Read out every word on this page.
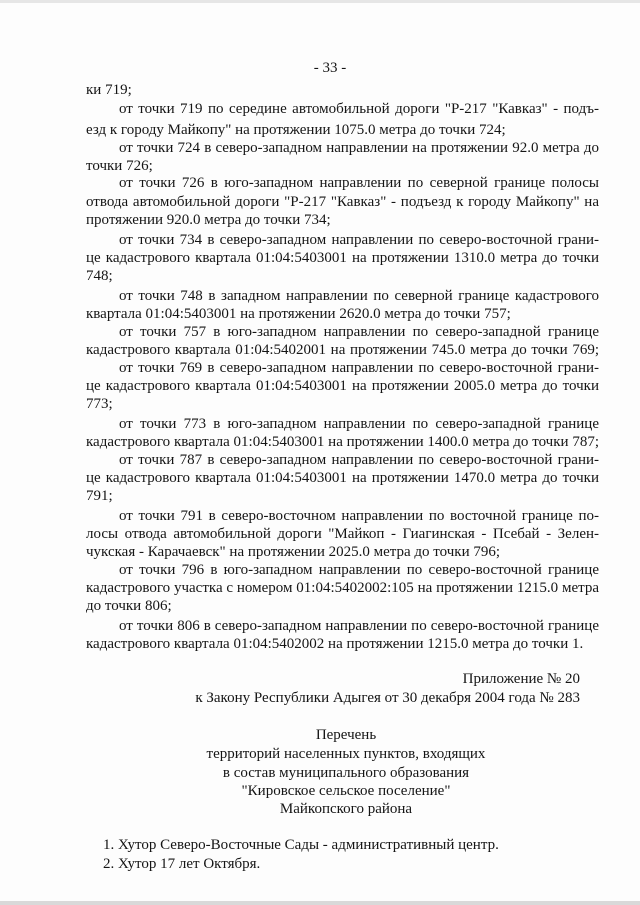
- 33 -
ки 719;
от точки 719 по середине автомобильной дороги "Р-217 "Кавказ" - подъ-
езд к городу Майкопу" на протяжении 1075.0 метра до точки 724;
от точки 724 в северо-западном направлении на протяжении 92.0 метра до
точки 726;
от точки 726 в юго-западном направлении по северной границе полосы
отвода автомобильной дороги "Р-217 "Кавказ" - подъезд к городу Майкопу" на
протяжении 920.0 метра до точки 734;
от точки 734 в северо-западном направлении по северо-восточной грани-
це кадастрового квартала 01:04:5403001 на протяжении 1310.0 метра до точки
748;
от точки 748 в западном направлении по северной границе кадастрового
квартала 01:04:5403001 на протяжении 2620.0 метра до точки 757;
от точки 757 в юго-западном направлении по северо-западной границе
кадастрового квартала 01:04:5402001 на протяжении 745.0 метра до точки 769;
от точки 769 в северо-западном направлении по северо-восточной грани-
це кадастрового квартала 01:04:5403001 на протяжении 2005.0 метра до точки
773;
от точки 773 в юго-западном направлении по северо-западной границе
кадастрового квартала 01:04:5403001 на протяжении 1400.0 метра до точки 787;
от точки 787 в северо-западном направлении по северо-восточной грани-
це кадастрового квартала 01:04:5403001 на протяжении 1470.0 метра до точки
791;
от точки 791 в северо-восточном направлении по восточной границе по-
лосы отвода автомобильной дороги "Майкоп - Гиагинская - Псебай - Зелен-
чукская - Карачаевск" на протяжении 2025.0 метра до точки 796;
от точки 796 в юго-западном направлении по северо-восточной границе
кадастрового участка с номером 01:04:5402002:105 на протяжении 1215.0 метра
до точки 806;
от точки 806 в северо-западном направлении по северо-восточной границе
кадастрового квартала 01:04:5402002 на протяжении 1215.0 метра до точки 1.
Приложение № 20
к Закону Республики Адыгея от 30 декабря 2004 года № 283
Перечень
территорий населенных пунктов, входящих
в состав муниципального образования
"Кировское сельское поселение"
Майкопского района
1. Хутор Северо-Восточные Сады - административный центр.
2. Хутор 17 лет Октября.
